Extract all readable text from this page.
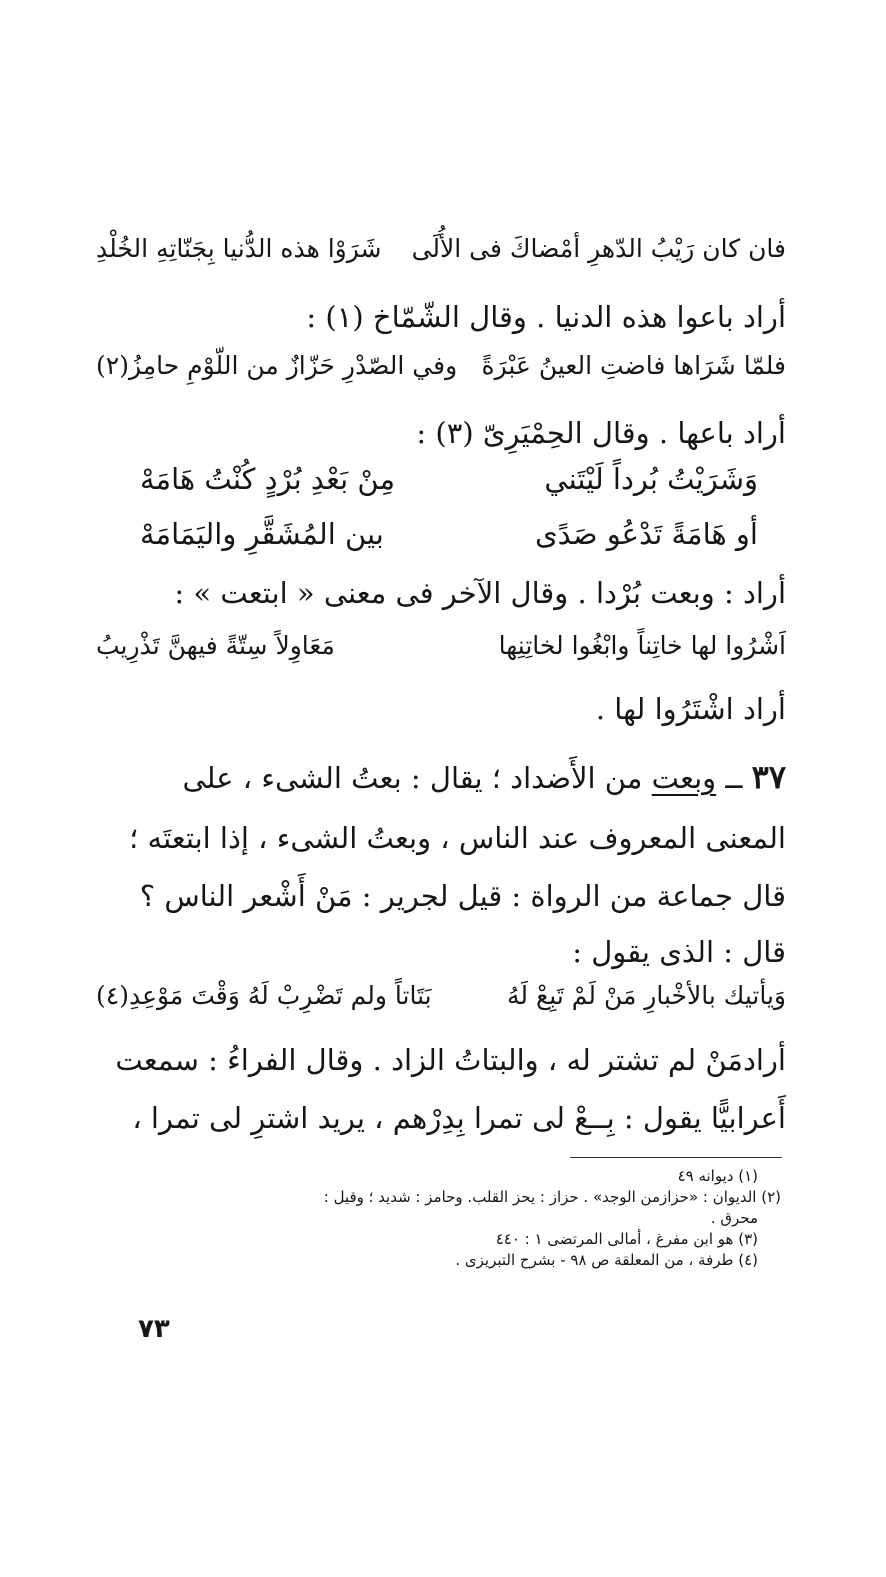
فان كان رَيْبُ الدّهرِ أمْضاكَ فى الأُلَى
شَرَوْا هذه الدُّنيا بِجَنّاتِهِ الخُلْدِ
أراد باعوا هذه الدنيا . وقال الشّمّاخ (١) :
فلمّا شَرَاها فاضتِ العينُ عَبْرَةً
وفي الصّدْرِ حَزّازٌ من اللّوْمِ حامِزُ(٢)
أراد باعها . وقال الحِمْيَرِىّ (٣) :
وَشَرَيْتُ بُرداً لَيْتَني
مِنْ بَعْدِ بُرْدٍ كُنْتُ هَامَهْ
أو هَامَةً تَدْعُو صَدًى
بين المُشَقَّرِ واليَمَامَهْ
أراد : وبعت بُرْدا . وقال الآخر فى معنى « ابتعت » :
اَشْرُوا لها خاتِناً وابْغُوا لخاتِنِها
مَعَاوِلاً سِتّةً فيهنَّ تَذْرِيبُ
أراد اشْتَرُوا لها .
٣٧ ــ وبعت من الأَضداد ؛ يقال : بعتُ الشىء ، على
المعنى المعروف عند الناس ، وبعتُ الشىء ، إذا ابتعتَه ؛
قال جماعة من الرواة : قيل لجرير : مَنْ أَشْعر الناس ؟
قال : الذى يقول :
وَيأتيك بالأخْبارِ مَنْ لَمْ تَبِعْ لَهُ
بَتَاتاً ولم تَضْرِبْ لَهُ وَقْتَ مَوْعِدِ(٤)
أرادمَنْ لم تشتر له ، والبتاتُ الزاد . وقال الفراءُ : سمعت
أَعرابيًّا يقول : بِــعْ لى تمرا بِدِرْهم ، يريد اشترِ لى تمرا ،
(١) ديوانه ٤٩
(٢) الديوان : «حزازمن الوجد» . حزاز : يحز القلب. وحامز : شديد ؛ وقيل :
محرق .
(٣) هو ابن مفرغ ، أمالى المرتضى ١ : ٤٤٠
(٤) طرفة ، من المعلقة ص ٩٨ - بشرح التبريزى .
٧٣
